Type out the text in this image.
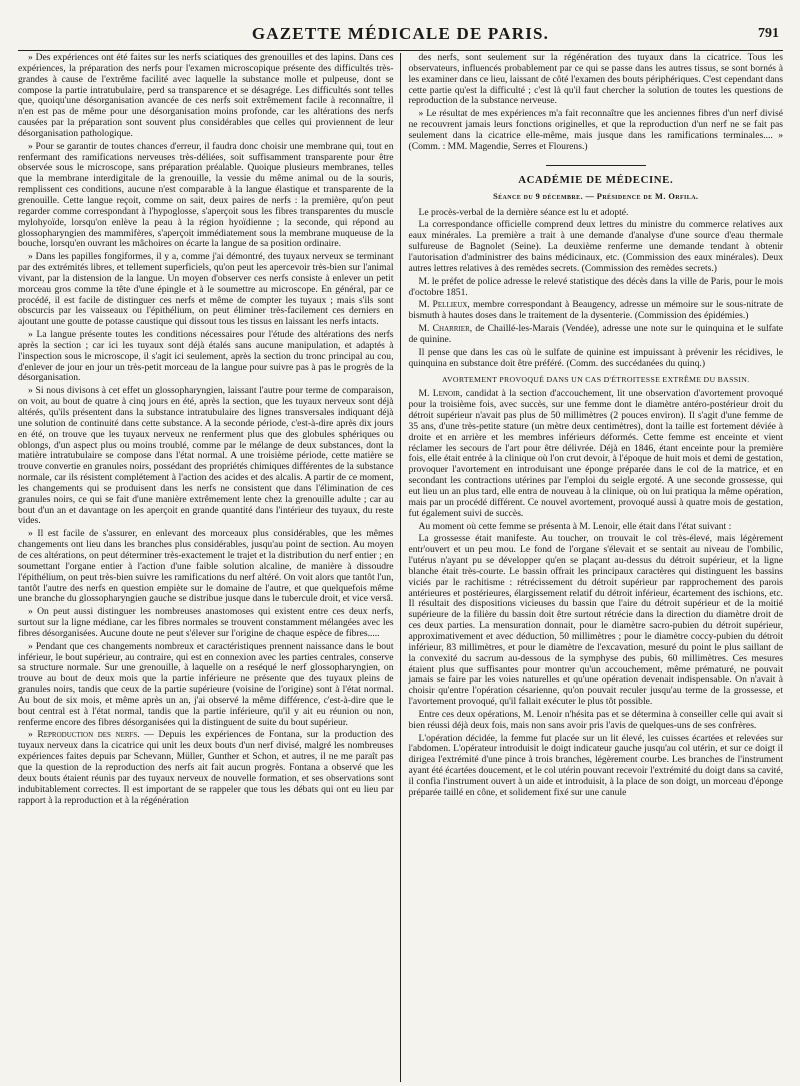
GAZETTE MÉDICALE DE PARIS.	791

» Des expériences ont été faites sur les nerfs sciatiques des grenouilles et des lapins. Dans ces expériences, la préparation des nerfs pour l'examen microscopique présente des difficultés très-grandes à cause de l'extrême facilité avec laquelle la substance molle et pulpeuse, dont se compose la partie intratubulaire, perd sa transparence et se désagrége. Les difficultés sont telles que, quoiqu'une désorganisation avancée de ces nerfs soit extrêmement facile à reconnaître, il n'en est pas de même pour une désorganisation moins profonde, car les altérations des nerfs causées par la préparation sont souvent plus considérables que celles qui proviennent de leur désorganisation pathologique.

» Pour se garantir de toutes chances d'erreur, il faudra donc choisir une membrane qui, tout en renfermant des ramifications nerveuses très-déliées, soit suffisamment transparente pour être observée sous le microscope, sans préparation préalable. Quoique plusieurs membranes, telles que la membrane interdigitale de la grenouille, la vessie du même animal ou de la souris, remplissent ces conditions, aucune n'est comparable à la langue élastique et transparente de la grenouille. Cette langue reçoit, comme on sait, deux paires de nerfs : la première, qu'on peut regarder comme correspondant à l'hypoglosse, s'aperçoit sous les fibres transparentes du muscle mylohyoïde, lorsqu'on enlève la peau à la région hyoïdienne ; la seconde, qui répond au glossopharyngien des mammifères, s'aperçoit immédiatement sous la membrane muqueuse de la bouche, lorsqu'en ouvrant les mâchoires on écarte la langue de sa position ordinaire.

» Dans les papilles fongiformes, il y a, comme j'ai démontré, des tuyaux nerveux se terminant par des extrémités libres, et tellement superficiels, qu'on peut les apercevoir très-bien sur l'animal vivant, par la distension de la langue. Un moyen d'observer ces nerfs consiste à enlever un petit morceau gros comme la tête d'une épingle et à le soumettre au microscope. En général, par ce procédé, il est facile de distinguer ces nerfs et même de compter les tuyaux ; mais s'ils sont obscurcis par les vaisseaux ou l'épithélium, on peut éliminer très-facilement ces derniers en ajoutant une goutte de potasse caustique qui dissout tous les tissus en laissant les nerfs intacts.

» La langue présente toutes les conditions nécessaires pour l'étude des altérations des nerfs après la section ; car ici les tuyaux sont déjà étalés sans aucune manipulation, et adaptés à l'inspection sous le microscope, il s'agit ici seulement, après la section du tronc principal au cou, d'enlever de jour en jour un très-petit morceau de la langue pour suivre pas à pas le progrès de la désorganisation.

» Si nous divisons à cet effet un glossopharyngien, laissant l'autre pour terme de comparaison, on voit, au bout de quatre à cinq jours en été, après la section, que les tuyaux nerveux sont déjà altérés, qu'ils présentent dans la substance intratubulaire des lignes transversales indiquant déjà une solution de continuité dans cette substance. A la seconde période, c'est-à-dire après dix jours en été, on trouve que les tuyaux nerveux ne renferment plus que des globules sphériques ou oblongs, d'un aspect plus ou moins troublé, comme par le mélange de deux substances, dont la matière intratubulaire se compose dans l'état normal. A une troisième période, cette matière se trouve convertie en granules noirs, possédant des propriétés chimiques différentes de la substance normale, car ils résistent complétement à l'action des acides et des alcalis. A partir de ce moment, les changements qui se produisent dans les nerfs ne consistent que dans l'élimination de ces granules noirs, ce qui se fait d'une manière extrêmement lente chez la grenouille adulte ; car au bout d'un an et davantage on les aperçoit en grande quantité dans l'intérieur des tuyaux, du reste vides.

» Il est facile de s'assurer, en enlevant des morceaux plus considérables, que les mêmes changements ont lieu dans les branches plus considérables, jusqu'au point de section. Au moyen de ces altérations, on peut déterminer très-exactement le trajet et la distribution du nerf entier ; en soumettant l'organe entier à l'action d'une faible solution alcaline, de manière à dissoudre l'épithélium, on peut très-bien suivre les ramifications du nerf altéré. On voit alors que tantôt l'un, tantôt l'autre des nerfs en question empiète sur le domaine de l'autre, et que quelquefois même une branche du glossopharyngien gauche se distribue jusque dans le tubercule droit, et vice versâ.

» On peut aussi distinguer les nombreuses anastomoses qui existent entre ces deux nerfs, surtout sur la ligne médiane, car les fibres normales se trouvent constamment mélangées avec les fibres désorganisées. Aucune doute ne peut s'élever sur l'origine de chaque espèce de fibres.....

» Pendant que ces changements nombreux et caractéristiques prennent naissance dans le bout inférieur, le bout supérieur, au contraire, qui est en connexion avec les parties centrales, conserve sa structure normale. Sur une grenouille, à laquelle on a reséqué le nerf glossopharyngien, on trouve au bout de deux mois que la partie inférieure ne présente que des tuyaux pleins de granules noirs, tandis que ceux de la partie supérieure (voisine de l'origine) sont à l'état normal. Au bout de six mois, et même après un an, j'ai observé la même différence, c'est-à-dire que le bout central est à l'état normal, tandis que la partie inférieure, qu'il y ait eu réunion ou non, renferme encore des fibres désorganisées qui la distinguent de suite du bout supérieur.

» Reproduction des nerfs. — Depuis les expériences de Fontana, sur la production des tuyaux nerveux dans la cicatrice qui unit les deux bouts d'un nerf divisé, malgré les nombreuses expériences faites depuis par Schevann, Müller, Gunther et Schon, et autres, il ne me paraît pas que la question de la reproduction des nerfs ait fait aucun progrès. Fontana a observé que les deux bouts étaient réunis par des tuyaux nerveux de nouvelle formation, et ses observations sont indubitablement correctes. Il est important de se rappeler que tous les débats qui ont eu lieu par rapport à la reproduction et à la régénération

des nerfs, sont seulement sur la régénération des tuyaux dans la cicatrice. Tous les observateurs, influencés probablement par ce qui se passe dans les autres tissus, se sont bornés à les examiner dans ce lieu, laissant de côté l'examen des bouts périphériques. C'est cependant dans cette partie qu'est la difficulté ; c'est là qu'il faut chercher la solution de toutes les questions de reproduction de la substance nerveuse.

» Le résultat de mes expériences m'a fait reconnaître que les anciennes fibres d'un nerf divisé ne recouvrent jamais leurs fonctions originelles, et que la reproduction d'un nerf ne se fait pas seulement dans la cicatrice elle-même, mais jusque dans les ramifications terminales.... » (Comm. : MM. Magendie, Serres et Flourens.)

ACADÉMIE DE MÉDECINE.
Séance du 9 décembre. — Présidence de M. Orfila.

Le procès-verbal de la dernière séance est lu et adopté.

La correspondance officielle comprend deux lettres du ministre du commerce relatives aux eaux minérales. La première a trait à une demande d'analyse d'une source d'eau thermale sulfureuse de Bagnolet (Seine). La deuxième renferme une demande tendant à obtenir l'autorisation d'administrer des bains médicinaux, etc. (Commission des eaux minérales). Deux autres lettres relatives à des remèdes secrets. (Commission des remèdes secrets.)

M. le préfet de police adresse le relevé statistique des décès dans la ville de Paris, pour le mois d'octobre 1851.

M. Pellieux, membre correspondant à Beaugency, adresse un mémoire sur le sous-nitrate de bismuth à hautes doses dans le traitement de la dysenterie. (Commission des épidémies.)

M. Charrier, de Chaillé-les-Marais (Vendée), adresse une note sur le quinquina et le sulfate de quinine.

Il pense que dans les cas où le sulfate de quinine est impuissant à prévenir les récidives, le quinquina en substance doit être préféré. (Comm. des succédanées du quinq.)

AVORTEMENT PROVOQUÉ DANS UN CAS D'ÉTROITESSE EXTRÊME DU BASSIN.

M. Lenoir, candidat à la section d'accouchement, lit une observation d'avortement provoqué pour la troisième fois, avec succès, sur une femme dont le diamètre antéro-postérieur droit du détroit supérieur n'avait pas plus de 50 millimètres (2 pouces environ). Il s'agit d'une femme de 35 ans, d'une très-petite stature (un mètre deux centimètres), dont la taille est fortement déviée à droite et en arrière et les membres inférieurs déformés. Cette femme est enceinte et vient réclamer les secours de l'art pour être délivrée. Déjà en 1846, étant enceinte pour la première fois, elle était entrée à la clinique où l'on crut devoir, à l'époque de huit mois et demi de gestation, provoquer l'avortement en introduisant une éponge préparée dans le col de la matrice, et en secondant les contractions utérines par l'emploi du seigle ergoté. A une seconde grossesse, qui eut lieu un an plus tard, elle entra de nouveau à la clinique, où on lui pratiqua la même opération, mais par un procédé différent. Ce nouvel avortement, provoqué aussi à quatre mois de gestation, fut également suivi de succès.

Au moment où cette femme se présenta à M. Lenoir, elle était dans l'état suivant :

La grossesse était manifeste. Au toucher, on trouvait le col très-élevé, mais légèrement entr'ouvert et un peu mou. Le fond de l'organe s'élevait et se sentait au niveau de l'ombilic, l'utérus n'ayant pu se développer qu'en se plaçant au-dessus du détroit supérieur, et la ligne blanche était très-courte. Le bassin offrait les principaux caractères qui distinguent les bassins viciés par le rachitisme : rétrécissement du détroit supérieur par rapprochement des parois antérieures et postérieures, élargissement relatif du détroit inférieur, écartement des ischions, etc. Il résultait des dispositions vicieuses du bassin que l'aire du détroit supérieur et de la moitié supérieure de la filière du bassin doit être surtout rétrécie dans la direction du diamètre droit de ces deux parties. La mensuration donnait, pour le diamètre sacro-pubien du détroit supérieur, approximativement et avec déduction, 50 millimètres ; pour le diamètre coccy-pubien du détroit inférieur, 83 millimètres, et pour le diamètre de l'excavation, mesuré du point le plus saillant de la convexité du sacrum au-dessous de la symphyse des pubis, 60 millimètres. Ces mesures étaient plus que suffisantes pour montrer qu'un accouchement, même prématuré, ne pouvait jamais se faire par les voies naturelles et qu'une opération devenait indispensable. On n'avait à choisir qu'entre l'opération césarienne, qu'on pouvait reculer jusqu'au terme de la grossesse, et l'avortement provoqué, qu'il fallait exécuter le plus tôt possible.

Entre ces deux opérations, M. Lenoir n'hésita pas et se détermina à conseiller celle qui avait si bien réussi déjà deux fois, mais non sans avoir pris l'avis de quelques-uns de ses confrères.

L'opération décidée, la femme fut placée sur un lit élevé, les cuisses écartées et relevées sur l'abdomen. L'opérateur introduisit le doigt indicateur gauche jusqu'au col utérin, et sur ce doigt il dirigea l'extrémité d'une pince à trois branches, légèrement courbe. Les branches de l'instrument ayant été écartées doucement, et le col utérin pouvant recevoir l'extrémité du doigt dans sa cavité, il confia l'instrument ouvert à un aide et introduisit, à la place de son doigt, un morceau d'éponge préparée taillé en cône, et solidement fixé sur une canule
